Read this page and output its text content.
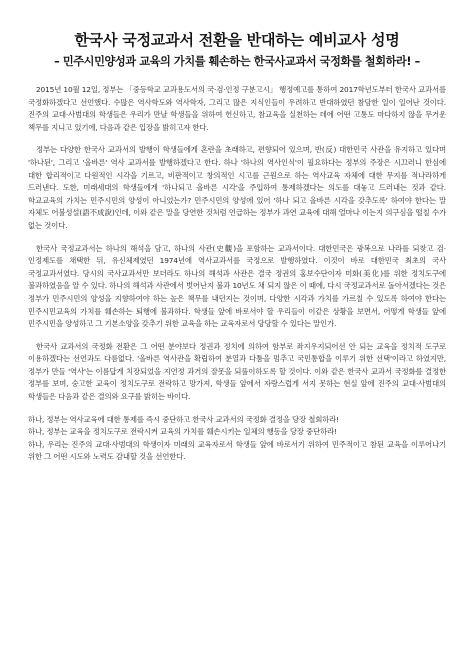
한국사 국정교과서 전환을 반대하는 예비교사 성명
– 민주시민양성과 교육의 가치를 훼손하는 한국사교과서 국정화를 철회하라! –

2015년 10월 12일, 정부는 「중등학교 교과용도서의 국·검·인정 구분고시」 행정예고를 통하여 2017학년도부터 한국사 교과서를 국정화하겠다고 선언했다. 수많은 역사학도와 역사학자, 그리고 많은 지식인들이 우려하고 반대하였던 참담한 일이 일어난 것이다. 진주의 교대·사범대의 학생들은 우리가 만날 학생들을 위하여 헌신하고, 참교육을 실천하는 데에 어떤 고통도 마다하지 않을 무거운 책무를 지니고 있기에, 다음과 같은 입장을 밝히고자 한다.

정부는 다양한 한국사 교과서의 발행이 학생들에게 혼란을 초래하고, 편향되어 있으며, 반(反) 대한민국 사관을 유지하고 있다며 '하나된', 그리고 '올바른' 역사 교과서를 발행하겠다고 한다. 하나 '하나의 역사인식'이 필요하다는 정부의 주장은 시끄러니 한심에 대한 합리적이고 다원적인 시각을 기르고, 비판적이고 창의적인 시고를 근원으로 하는 역사교육 자체에 대한 무지를 적나라하게 드러낸다. 도한, 미래세대의 학생들에게 '하나되고 올바른 시각'을 주입하여 통제하겠다는 의도를 대놓고 드러내는 것과 같다. 학교교육의 가치는 민주시민의 양성이 아니었는가? 민주시민의 양성에 있어 '하나 되고 올바른 시각을 갖추도록' 하여야 한다는 말 자체도 어불성설(語不成說)인데, 이와 같은 말을 당연한 것처럼 언급하는 정부가 과연 교육에 대해 얼마나 이는지 의구심을 떨칠 수가 없는 것이다.

한국사 국정교과서는 하나의 해석을 담고, 하나의 사관(史觀)을 포함하는 교과서이다. 대한민국은 광복으로 나라를 되찾고 검·인정제도를 채택한 뒤, 유신체제였던 1974년에 역사교과서를 국정으로 발행하였다. 이것이 바로 대한민국 최초의 국사 국정교과서였다. 당시의 국사교과서만 보더라도 하나의 해석과 사관은 결국 정권의 홍보수단이자 미화(美化)를 위한 정치도구에 불과하였음을 알 수 있다. 하나의 해석과 사관에서 벗어난지 불과 10년도 채 되지 않은 이 때에, 다시 국정교과서로 돌아서겠다는 것은 정부가 민주시민의 양성을 지향하여야 하는 높은 책무를 내던지는 것이며, 다양한 시각과 가치를 가르칠 수 있도록 하여야 한다는 민주시민교육의 가치를 훼손하는 퇴행에 불과하다. 학생들 앞에 바로서야 할 우리들이 이같은 상황을 보면서, 어떻게 학생들 앞에 민주시민을 양성하고 그 기본소양을 갖추기 위한 교육을 하는 교육자로서 당당할 수 있다는 말인가.

한국사 교과서의 국정화 전환은 그 어떤 분야보다 정권과 정치에 의하여 함부로 좌지우지되어선 안 되는 교육을 정치적 도구로 이용하겠다는 선언과도 다름없다. '올바른 역사관을 확립하여 분열과 다툼을 멈추고 국민통합을 이루기 위한 선택'이라고 하였지만, 정부가 만들 '역사'는 이름답게 치장되었을 지언정 과거의 잘못을 되풀이하도록 할 것이다. 이와 같은 한국사 교과서 국정화를 결정한 정부를 보며, 숭고한 교육이 정치도구로 전락하고 망가져, 학생들 앞에서 자랑스럽게 서지 못하는 현실 앞에 진주의 교대·사범대의 학생들은 다음과 같은 결의와 요구를 밝히는 바이다.

하나, 정부는 역사교육에 대한 통제를 즉시 중단하고 한국사 교과서의 국정화 결정을 당장 철회하라!

하나, 정부는 교육을 정치도구로 전락시켜 교육의 가치를 훼손시키는 일체의 행동을 당장 중단하라!

하나, 우리는 진주의 교대·사범대의 학생이자 미래의 교육자로서 학생들 앞에 바로서기 위하여 민주적이고 참된 교육을 이루어나기 위한 그 어떤 시도와 노력도 감내할 것을 선언한다.
